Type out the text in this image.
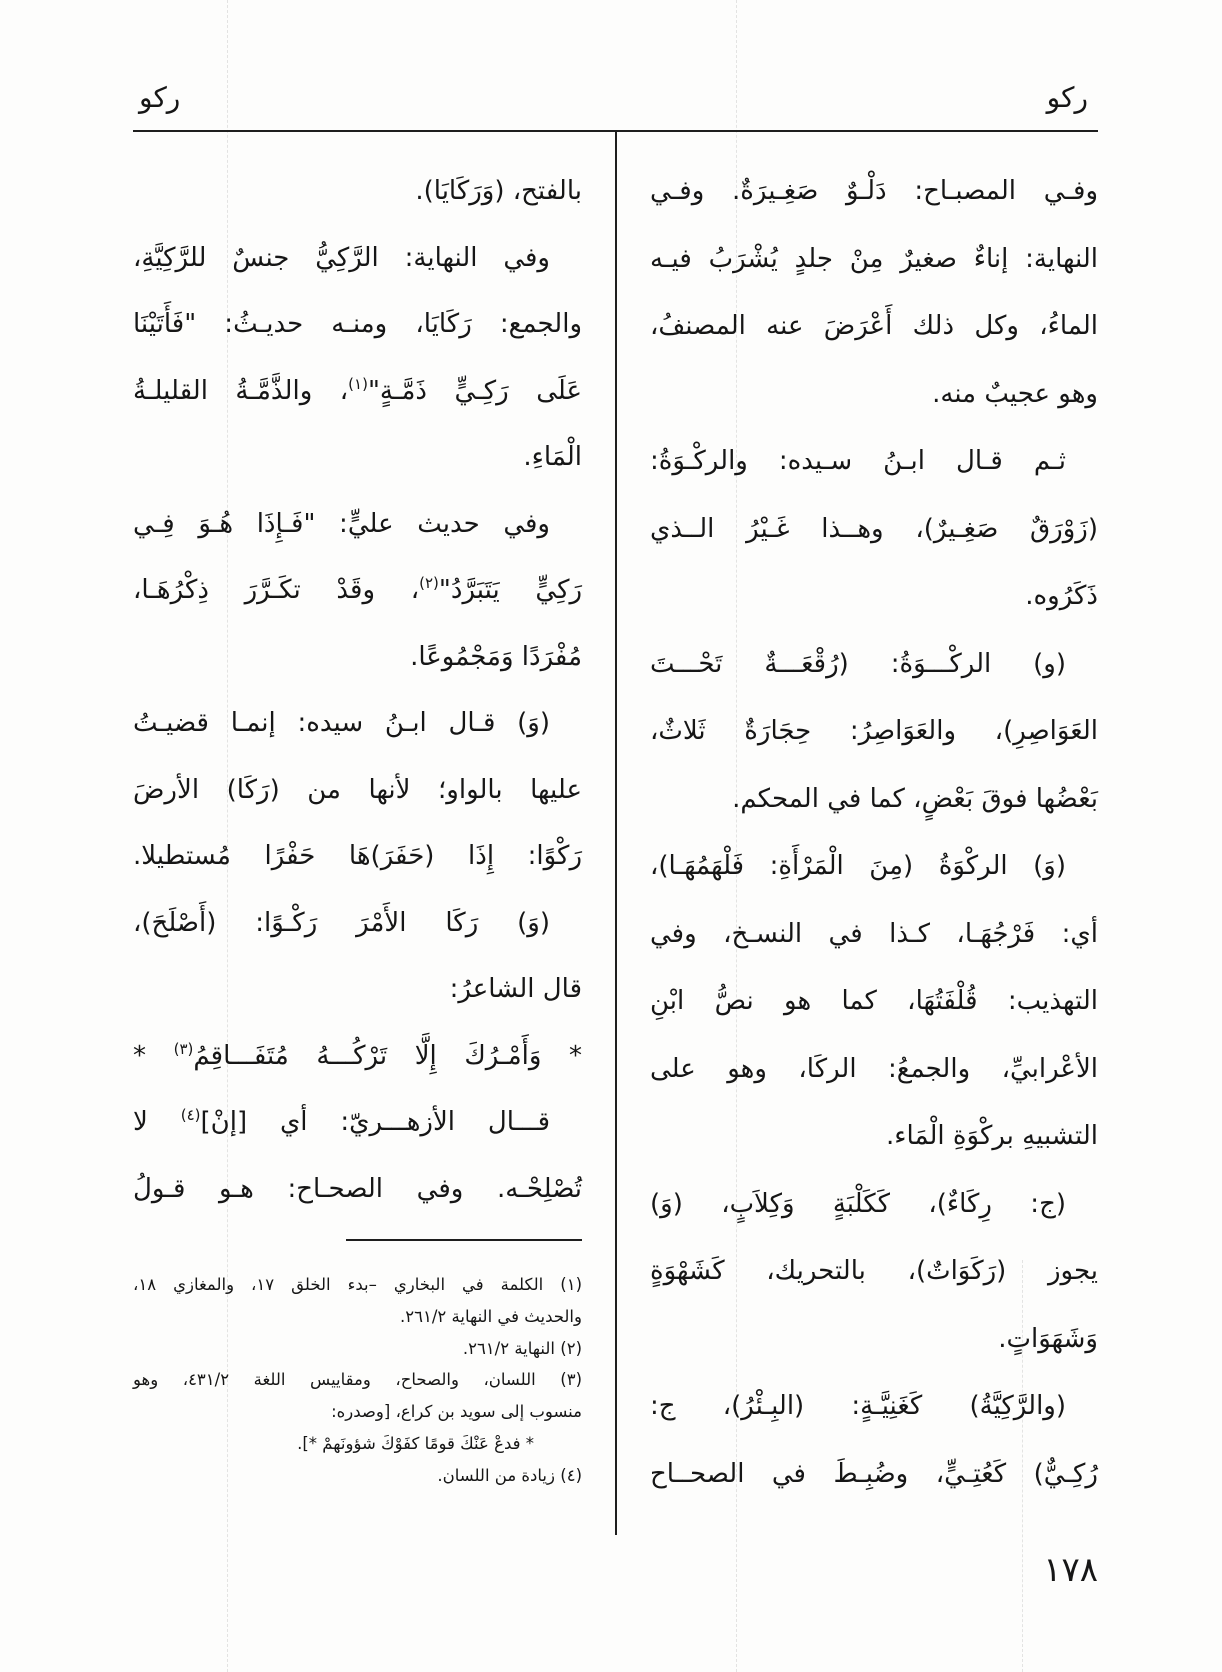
ركو	ركو
وفـي المصبـاح: دَلْـوٌ صَغِـيرَةٌ. وفـي
النهاية: إناءٌ صغيرٌ مِنْ جلدٍ يُشْرَبُ فيـه
الماءُ، وكل ذلك أَعْرَضَ عنه المصنفُ،
وهو عجيبٌ منه.
ثـم قـال ابـنُ سـيده: والركْـوَةُ:
(زَوْرَقٌ صَغِـيرٌ)، وهــذا غَـيْرُ الــذي
ذَكَرُوه.
(و) الركْـــوَةُ: (رُقْعَـــةٌ تَحْـــتَ
العَوَاصِرِ)، والعَوَاصِرُ: حِجَارَةٌ ثَلاثٌ،
بَعْضُها فوقَ بَعْضٍ، كما في المحكم.
(وَ) الركْوَةُ (مِنَ الْمَرْأَةِ: فَلْهَمُهَـا)،
أي: فَرْجُهَـا، كـذا في النسـخ، وفي
التهذيب: قُلْفَتُهَا، كما هو نصُّ ابْنِ
الأعْرابيِّ، والجمعُ: الركَا، وهو على
التشبيهِ بركْوَةِ الْمَاء.
(ج: رِكَاءٌ)، كَكَلْبَةٍ وَكِلاَبٍ، (وَ)
يجوز (رَكَوَاتٌ)، بالتحريك، كَشَهْوَةٍ
وَشَهَوَاتٍ.
(والرَّكِيَّةُ) كَغَنِيَّـةٍ: (البِـئْرُ)، ج:
رُكِـيٌّ) كَعُتِـيٍّ، وضُبِـطَ في الصحــاح
بالفتح، (وَرَكَايَا).
وفي النهاية: الرَّكِيُّ جنسٌ للرَّكِيَّةِ،
والجمع: رَكَايَا، ومنـه حديـثُ: "فَأَتَيْنَا
عَلَى رَكِـيٍّ ذَمَّـةٍ"$^{(١)}$، والذَّمَّـةُ القليلـةُ
الْمَاءِ.
وفي حديث عليٍّ: "فَـإِذَا هُـوَ فِـي
رَكِيٍّ يَتَبَرَّدُ"$^{(٢)}$، وقَدْ تكَـرَّرَ ذِكْرُهَـا،
مُفْرَدًا وَمَجْمُوعًا.
(وَ) قـال ابـنُ سيده: إنمـا قضيـتُ
عليها بالواو؛ لأنها من (رَكَا) الأرضَ
رَكْوًا: إِذَا (حَفَرَ)هَا حَفْرًا مُستطيلا.
(وَ) رَكَا الأَمْرَ رَكْـوًا: (أَصْلَحَ)،
قال الشاعرُ:
* وَأَمْـرُكَ إِلَّا تَرْكُـــهُ مُتَفَـــاقِمُ$^{(٣)}$ *
قـــال الأزهـــريّ: أي [إنْ]$^{(٤)}$ لا
تُصْلِحْـه. وفي الصحـاح: هـو قـولُ
(١) الكلمة في البخاري –بدء الخلق ١٧، والمغازي ١٨،
والحديث في النهاية ٢٦١/٢.
(٢) النهاية ٢٦١/٢.
(٣) اللسان، والصحاح، ومقاييس اللغة ٤٣١/٢، وهو
منسوب إلى سويد بن كراع، [وصدره:
* فدعْ عَنْكَ قومًا كفَوْكَ شؤونَهمْ *].
(٤) زيادة من اللسان.
١٧٨
